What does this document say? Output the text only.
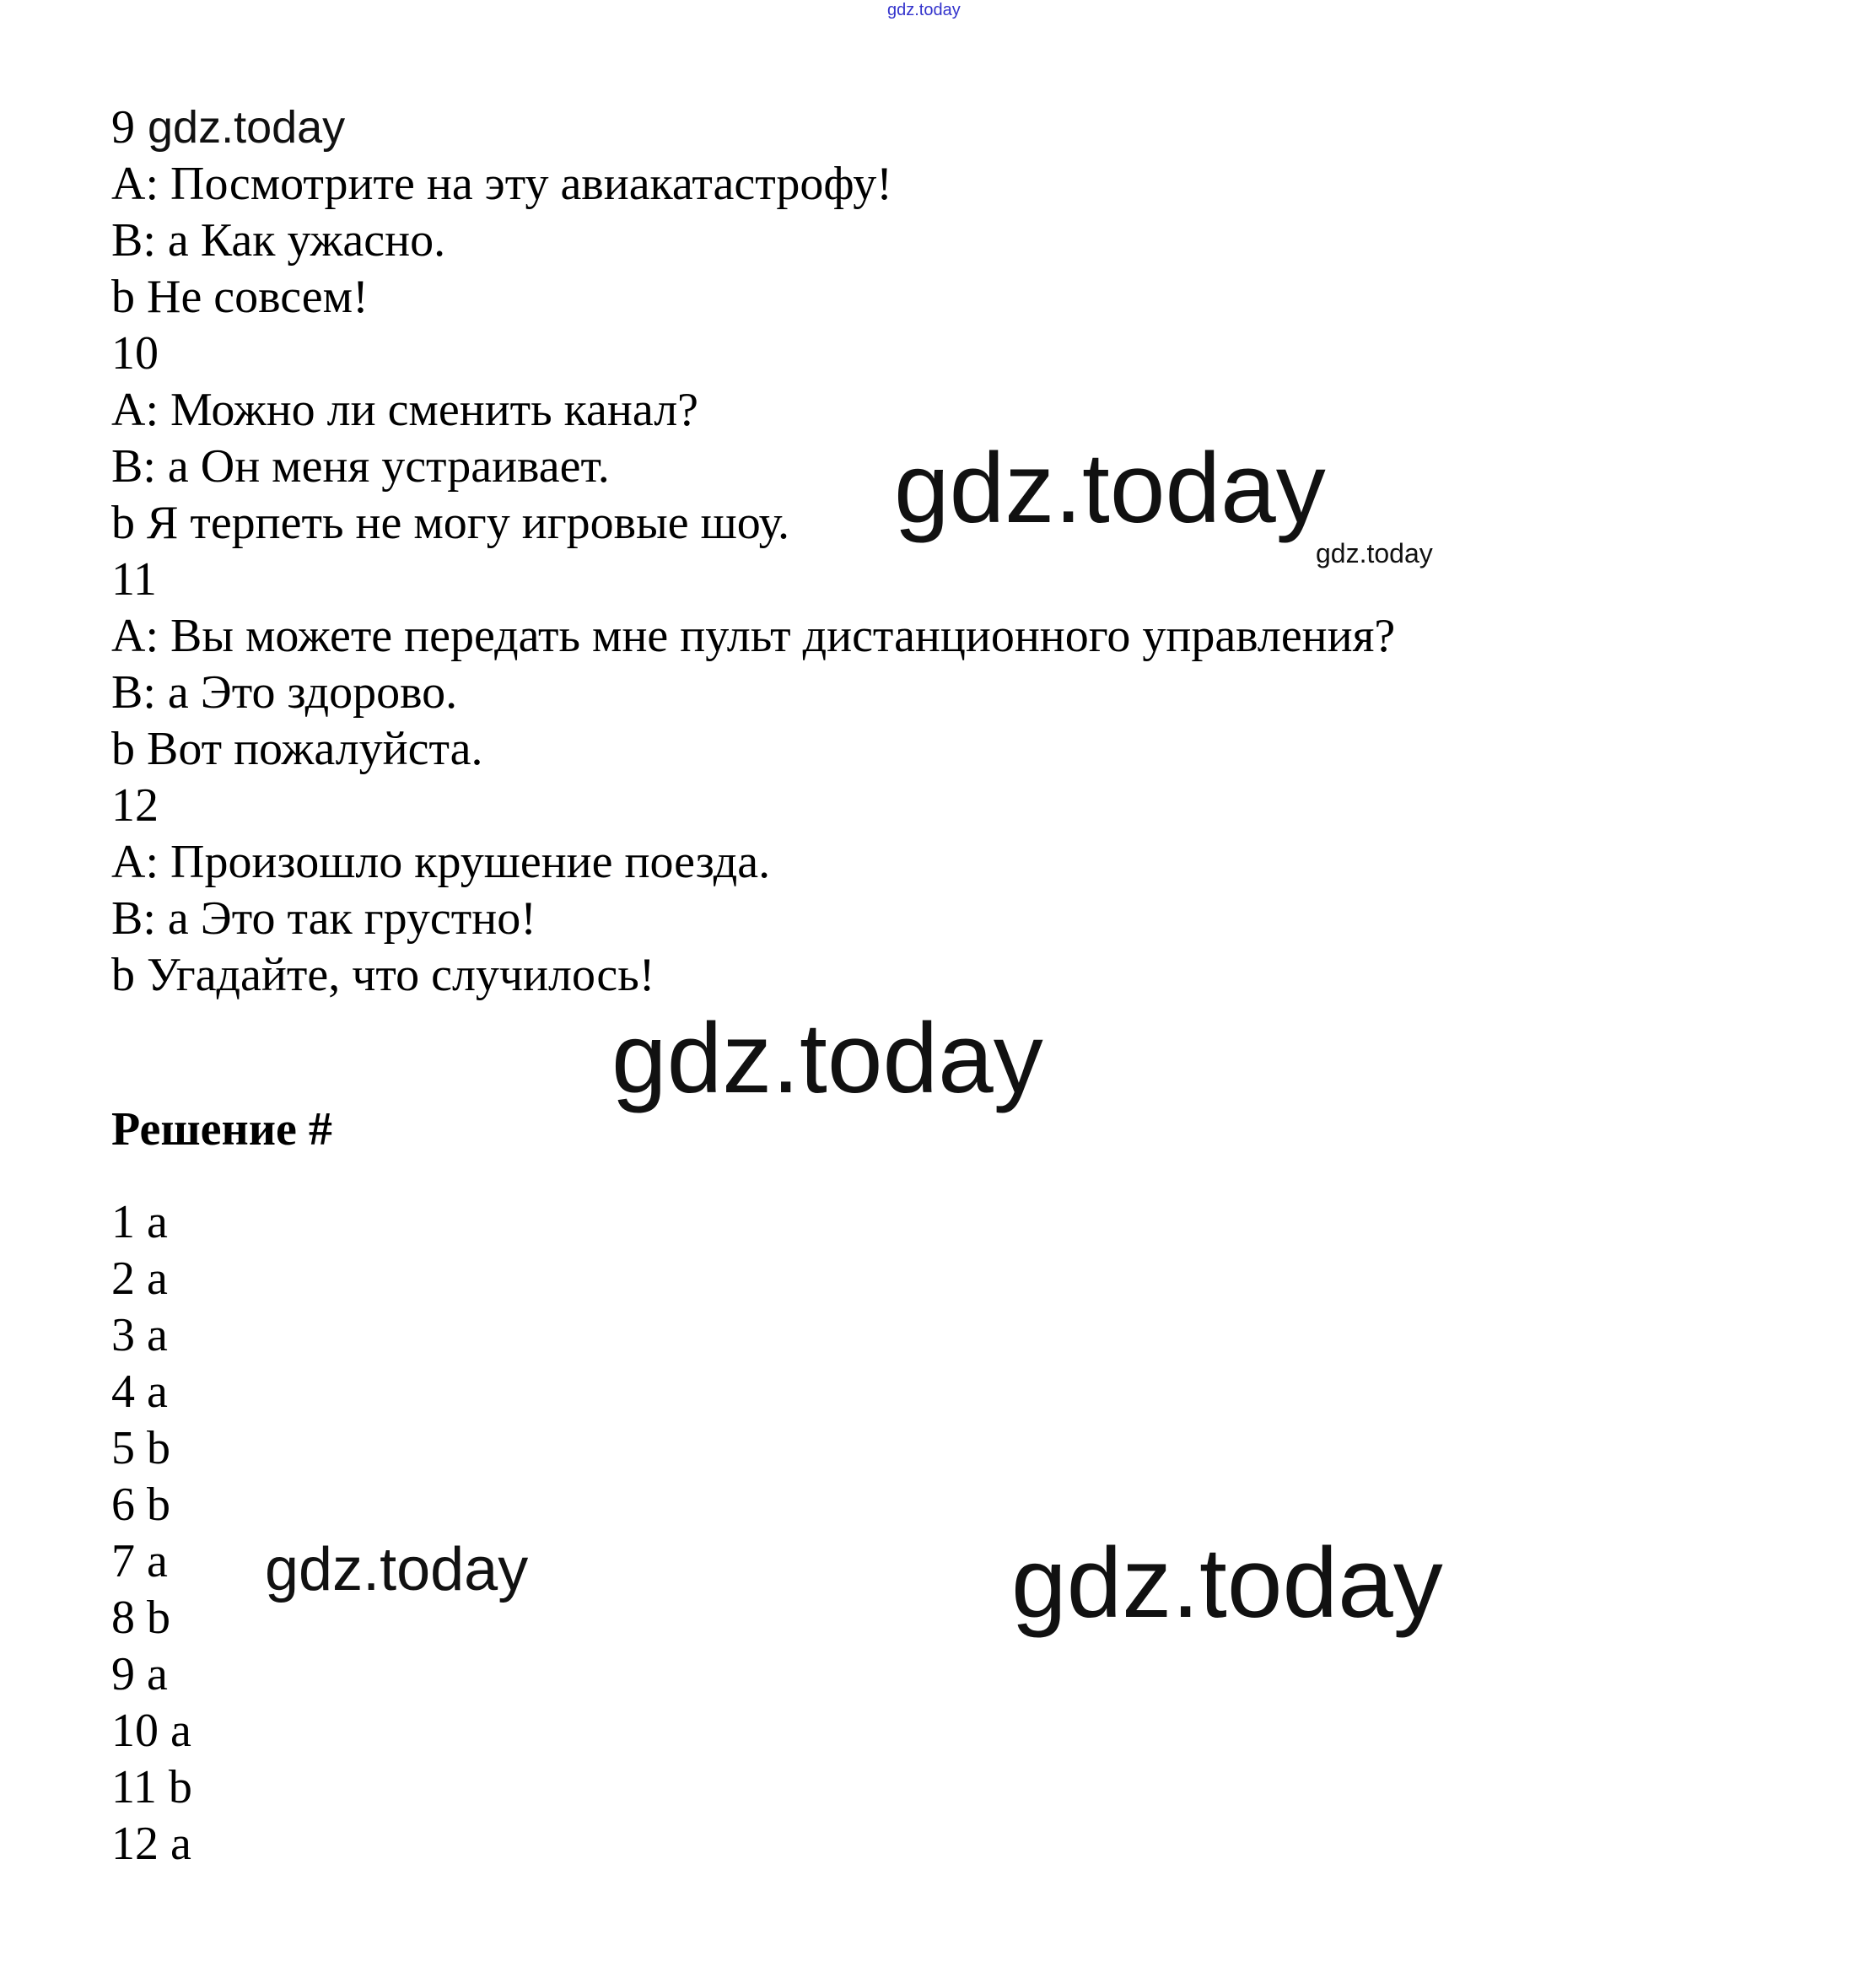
9
A: Посмотрите на эту авиакатастрофу!
B: a Как ужасно.
b Не совсем!
10
A: Можно ли сменить канал?
B: a Он меня устраивает.
b Я терпеть не могу игровые шоу.
11
A: Вы можете передать мне пульт дистанционного управления?
B: a Это здорово.
b Вот пожалуйста.
12
A: Произошло крушение поезда.
B: a Это так грустно!
b Угадайте, что случилось!
Решение #
1 a
2 a
3 a
4 a
5 b
6 b
7 a
8 b
9 a
10 a
11 b
12 a
gdz.today
gdz.today
gdz.today
gdz.today
gdz.today
gdz.today	gdz.today
